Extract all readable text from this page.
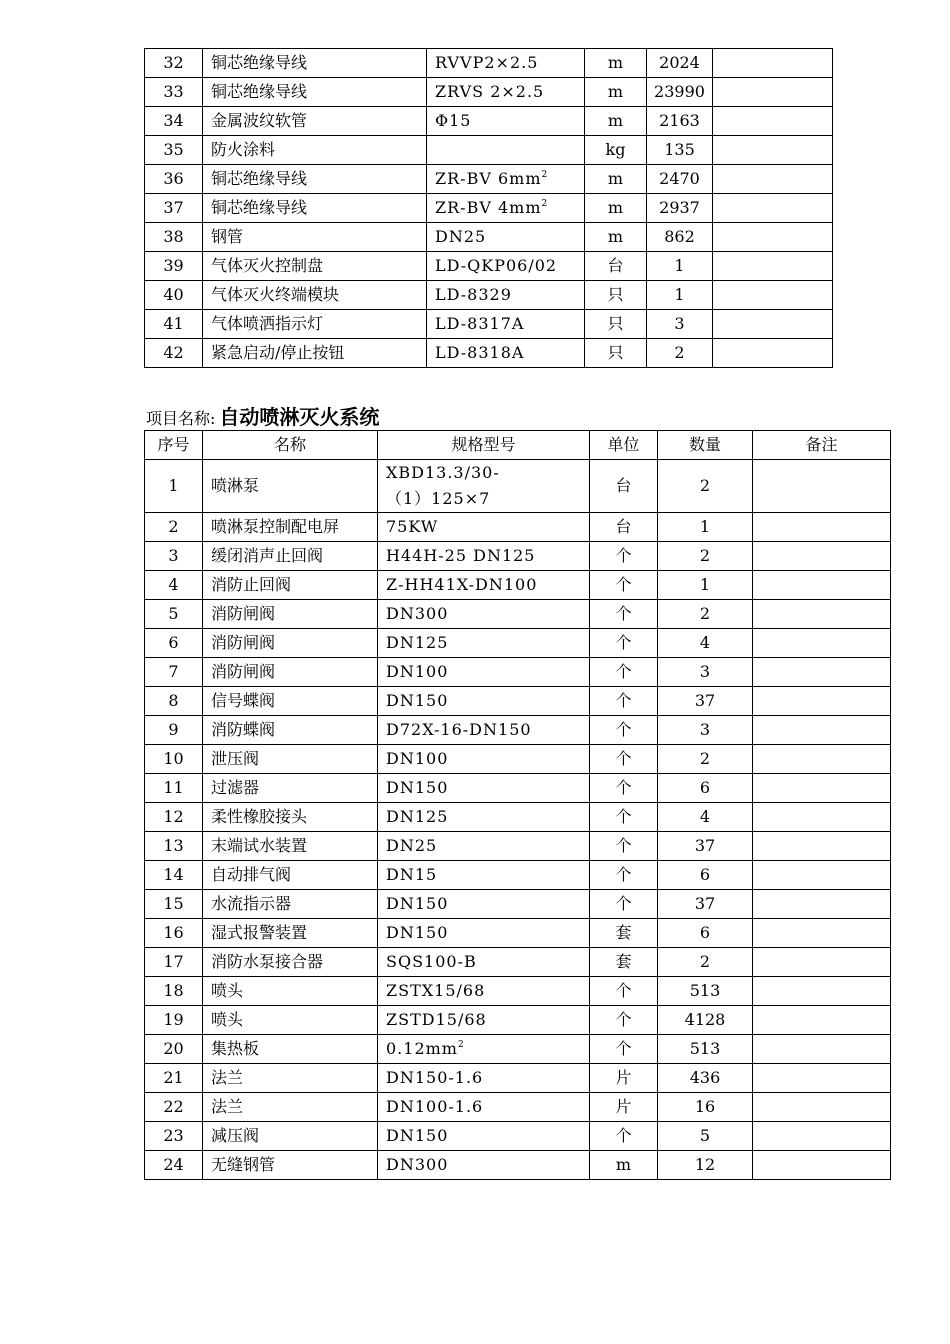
32	铜芯绝缘导线	RVVP2×2.5	m	2024	
33	铜芯绝缘导线	ZRVS 2×2.5	m	23990	
34	金属波纹软管	Φ15	m	2163	
35	防火涂料		kg	135	
36	铜芯绝缘导线	ZR-BV $6mm^2$	m	2470	
37	铜芯绝缘导线	ZR-BV $4mm^2$	m	2937	
38	钢管	DN25	m	862	
39	气体灭火控制盘	LD-QKP06/02	台	1	
40	气体灭火终端模块	LD-8329	只	1	
41	气体喷洒指示灯	LD-8317A	只	3	
42	紧急启动/停止按钮	LD-8318A	只	2	
项目名称: 自动喷淋灭火系统
序号	名称	规格型号	单位	数量	备注
1	喷淋泵	XBD13.3/30-
（1）125×7	台	2	
2	喷淋泵控制配电屏	75KW	台	1	
3	缓闭消声止回阀	H44H-25 DN125	个	2	
4	消防止回阀	Z-HH41X-DN100	个	1	
5	消防闸阀	DN300	个	2	
6	消防闸阀	DN125	个	4	
7	消防闸阀	DN100	个	3	
8	信号蝶阀	DN150	个	37	
9	消防蝶阀	D72X-16-DN150	个	3	
10	泄压阀	DN100	个	2	
11	过滤器	DN150	个	6	
12	柔性橡胶接头	DN125	个	4	
13	末端试水装置	DN25	个	37	
14	自动排气阀	DN15	个	6	
15	水流指示器	DN150	个	37	
16	湿式报警装置	DN150	套	6	
17	消防水泵接合器	SQS100-B	套	2	
18	喷头	ZSTX15/68	个	513	
19	喷头	ZSTD15/68	个	4128	
20	集热板	$0.12mm^2$	个	513	
21	法兰	DN150-1.6	片	436	
22	法兰	DN100-1.6	片	16	
23	减压阀	DN150	个	5	
24	无缝钢管	DN300	m	12	
